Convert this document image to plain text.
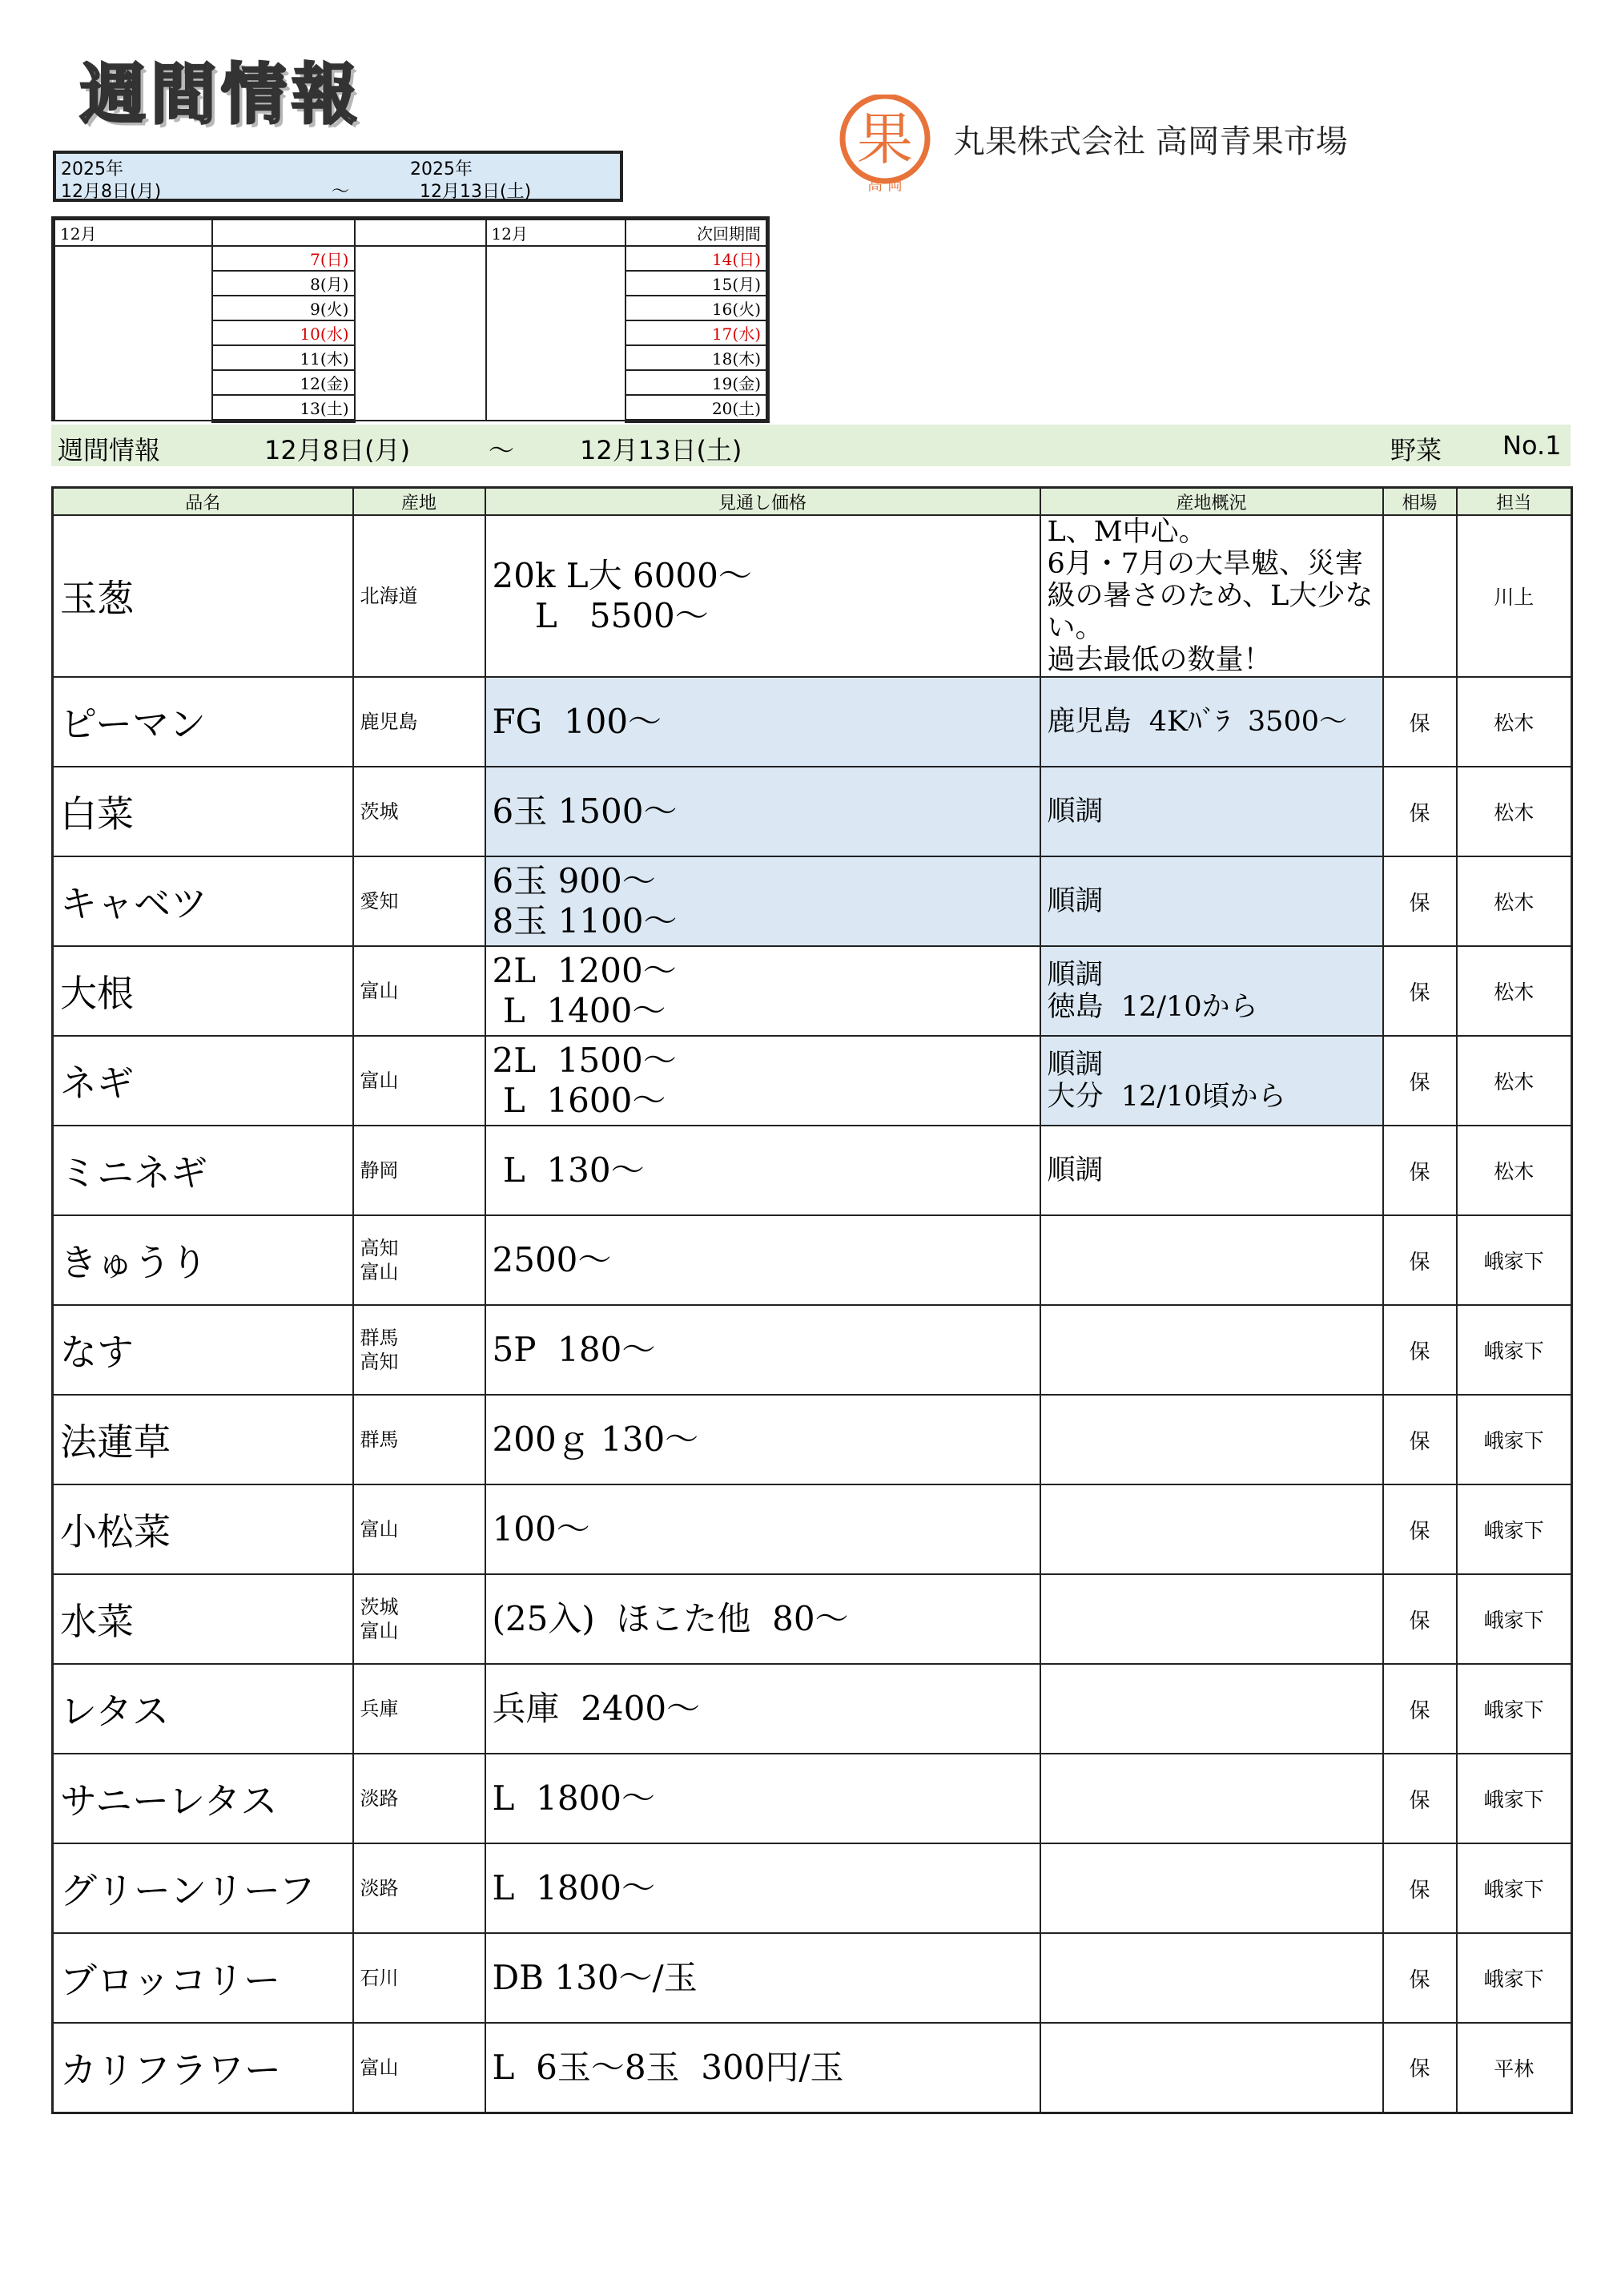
週間情報
2025年
12月8日(月)	～
2025年
12月13日(土)
果
高 岡
丸果株式会社 高岡青果市場
12月			12月	次回期間
	7(日)			14(日)
	8(月)			15(月)
	9(火)			16(火)
	10(水)			17(水)
	11(木)			18(木)
	12(金)			19(金)
	13(土)			20(土)
週間情報	12月8日(月)	～	12月13日(土)	野菜 No.1
品名	産地	見通し価格	産地概況	相場	担当

玉葱	北海道	20k L大 6000～
L   5500～	L、M中心。
6月・7月の大旱魃、災害級の暑さのため、L大少ない。
過去最低の数量！		川上

ピーマン	鹿児島	FG  100～	鹿児島  4Kﾊﾞﾗ  3500～	保	松木

白菜	茨城	6玉 1500～	順調	保	松木

キャベツ	愛知	6玉 900～
8玉 1100～	順調	保	松木

大根	富山	2L  1200～
L  1400～	順調
徳島  12/10から	保	松木

ネギ	富山	2L  1500～
L  1600～	順調
大分  12/10頃から	保	松木

ミニネギ	静岡	L  130～	順調	保	松木

きゅうり	高知
富山	2500～		保	峨家下

なす	群馬
高知	5P  180～		保	峨家下

法蓮草	群馬	200ｇ 130～		保	峨家下

小松菜	富山	100～		保	峨家下

水菜	茨城
富山	(25入)  ほこた他  80～		保	峨家下

レタス	兵庫	兵庫  2400～		保	峨家下

サニーレタス	淡路	L  1800～		保	峨家下

グリーンリーフ	淡路	L  1800～		保	峨家下

ブロッコリー	石川	DB 130～/玉		保	峨家下

カリフラワー	富山	L  6玉～8玉  300円/玉		保	平林
